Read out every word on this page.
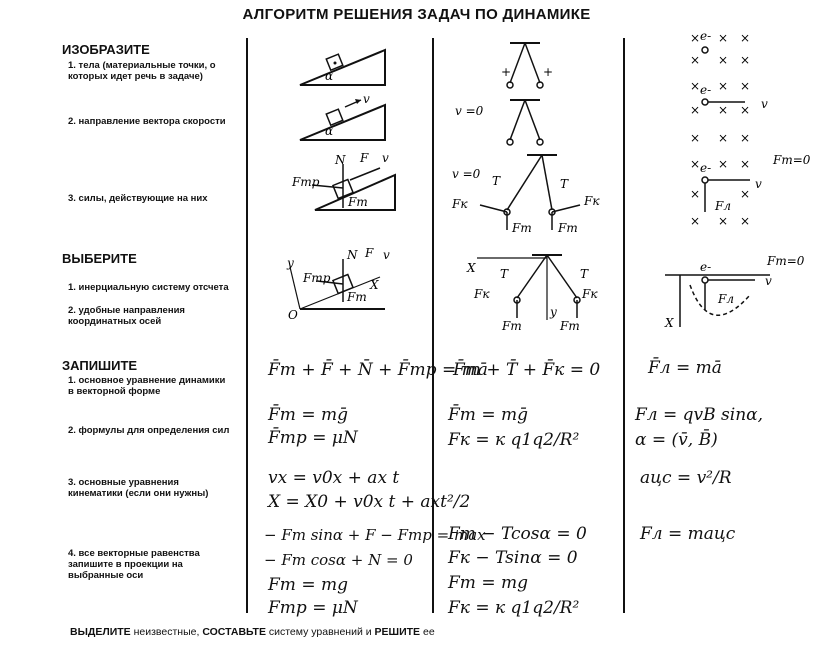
АЛГОРИТМ РЕШЕНИЯ ЗАДАЧ ПО ДИНАМИКЕ
ИЗОБРАЗИТЕ
1. тела (материальные точки, о которых идет речь в задаче)
2. направление вектора скорости
3. силы, действующие на них
ВЫБЕРИТЕ
1. инерциальную систему отсчета
2. удобные направления координатных осей
ЗАПИШИТЕ
1. основное уравнение динамики в векторной форме
2. формулы для определения сил
3. основные уравнения кинематики (если они нужны)
4. все векторные равенства запишите в проекции на выбранные оси
α
v
α
N F v
Fтр
Fт
y
O
N F v
Fтр
Fт
X
+	+
v =0
v =0 T	T
Fк	Fк
Fт Fт
X T	T
Fк	Fк
y
Fт	Fт
× × ×
× × ×
e-
× × ×
× × ×
× × ×
e-
v
× × ×
×	×
× × ×
e-
v
Fт=0
Fл
e-
v
Fт=0
Fл
X
F̄т + F̄ + N̄ + F̄тр = mā
F̄т = mḡ
F̄тр = μN
vx = v0x + ax t
X = X0 + v0x t + axt²/2
− Fт sinα + F − Fтр = max
− Fт cosα + N = 0
Fт = mg
Fтр = μN
F̄т + T̄ + F̄к = 0
F̄т = mḡ
Fк = к q1q2/R²
Fт − Tcosα = 0
Fк − Tsinα = 0
Fт = mg
Fк = к q1q2/R²
F̄л = mā
Fл = qvB sinα,
α = (v̄, B̄)
aцс = v²/R
Fл = maцс
ВЫДЕЛИТЕ неизвестные, СОСТАВЬТЕ систему уравнений и РЕШИТЕ ее
